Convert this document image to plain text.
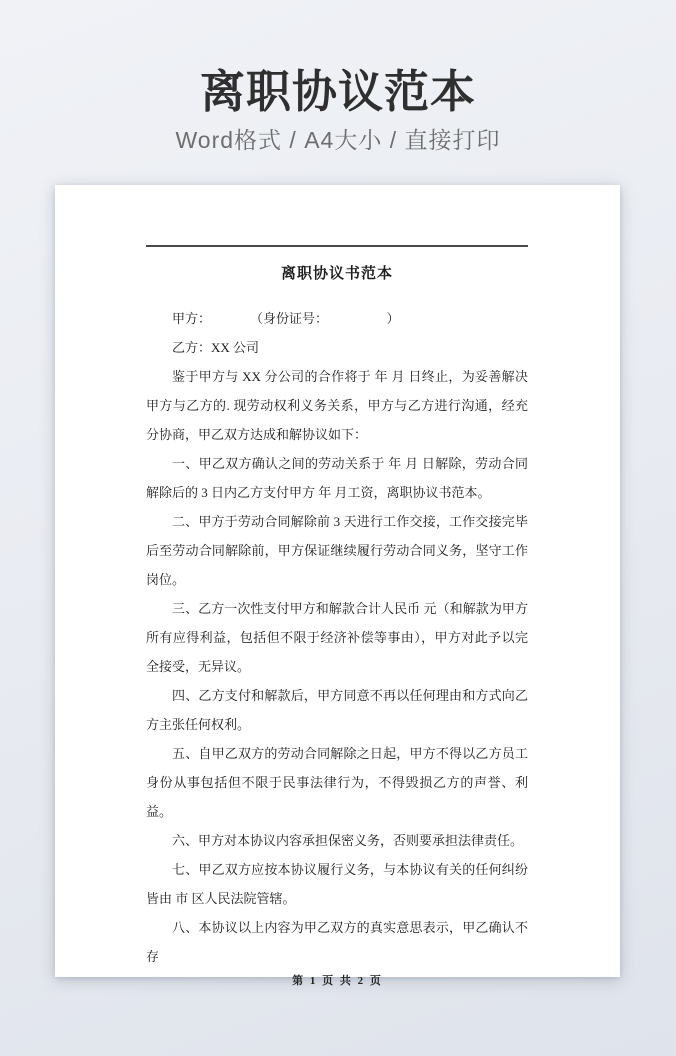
离职协议范本
Word格式 / A4大小 / 直接打印
离职协议书范本

甲方：　　　　（身份证号：　　　　　）

乙方：XX 公司

鉴于甲方与 XX 分公司的合作将于 年 月 日终止，为妥善解决甲方与乙方的. 现劳动权利义务关系，甲方与乙方进行沟通，经充分协商，甲乙双方达成和解协议如下：

一、甲乙双方确认之间的劳动关系于 年 月 日解除，劳动合同解除后的 3 日内乙方支付甲方 年 月工资，离职协议书范本。

二、甲方于劳动合同解除前 3 天进行工作交接，工作交接完毕后至劳动合同解除前，甲方保证继续履行劳动合同义务，坚守工作岗位。

三、乙方一次性支付甲方和解款合计人民币 元（和解款为甲方所有应得利益，包括但不限于经济补偿等事由），甲方对此予以完全接受，无异议。

四、乙方支付和解款后，甲方同意不再以任何理由和方式向乙方主张任何权利。

五、自甲乙双方的劳动合同解除之日起，甲方不得以乙方员工身份从事包括但不限于民事法律行为，不得毁损乙方的声誉、利益。

六、甲方对本协议内容承担保密义务，否则要承担法律责任。

七、甲乙双方应按本协议履行义务，与本协议有关的任何纠纷皆由 市 区人民法院管辖。

八、本协议以上内容为甲乙双方的真实意思表示，甲乙确认不存

第 1 页 共 2 页
